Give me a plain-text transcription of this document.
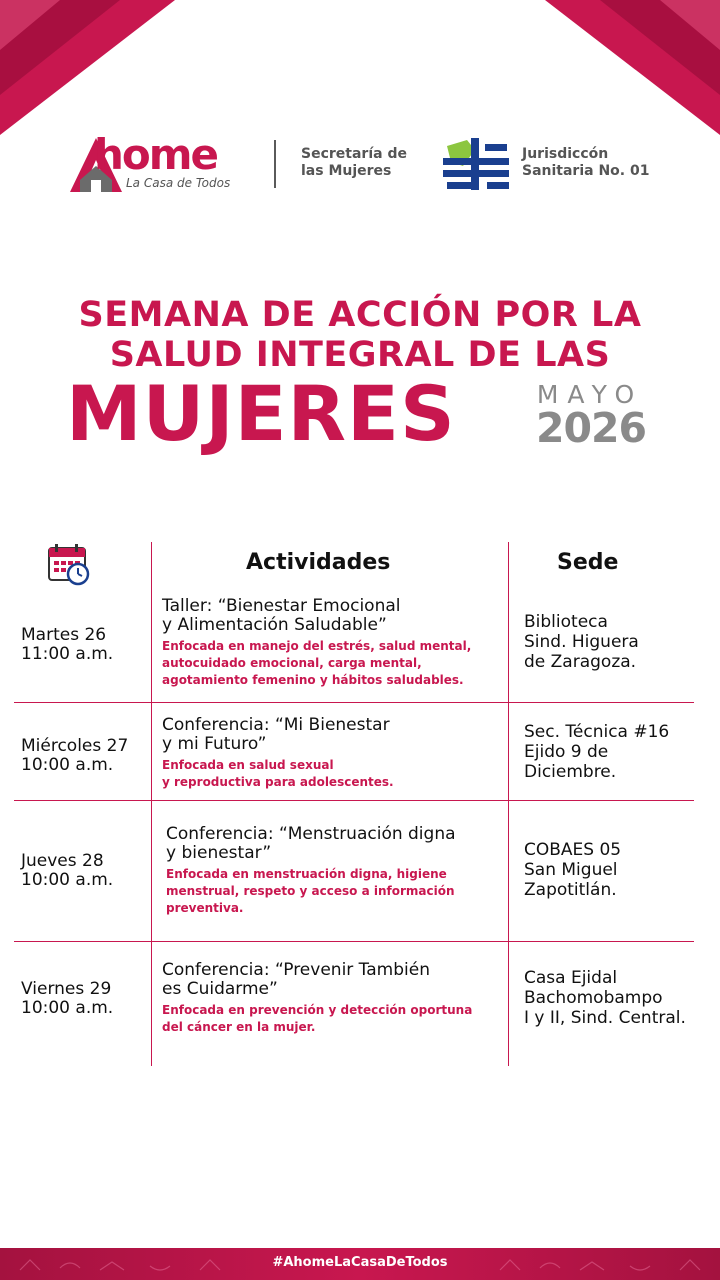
home
La Casa de Todos
Secretaría de
las Mujeres
Jurisdiccón
Sanitaria No. 01
SEMANA DE ACCIÓN POR LA
SALUD INTEGRAL DE LAS
MUJERES	MAYO
2026
Actividades	Sede
Martes 26
11:00 a.m.
Taller: “Bienestar Emocional
y Alimentación Saludable”
Enfocada en manejo del estrés, salud mental,
autocuidado emocional, carga mental,
agotamiento femenino y hábitos saludables.
Biblioteca
Sind. Higuera
de Zaragoza.
Miércoles 27
10:00 a.m.
Conferencia: “Mi Bienestar
y mi Futuro”
Enfocada en salud sexual
y reproductiva para adolescentes.
Sec. Técnica #16
Ejido 9 de
Diciembre.
Jueves 28
10:00 a.m.
Conferencia: “Menstruación digna
y bienestar”
Enfocada en menstruación digna, higiene
menstrual, respeto y acceso a información
preventiva.
COBAES 05
San Miguel
Zapotitlán.
Viernes 29
10:00 a.m.
Conferencia: “Prevenir También
es Cuidarme”
Enfocada en prevención y detección oportuna
del cáncer en la mujer.
Casa Ejidal
Bachomobampo
I y II, Sind. Central.
#AhomeLaCasaDeTodos
